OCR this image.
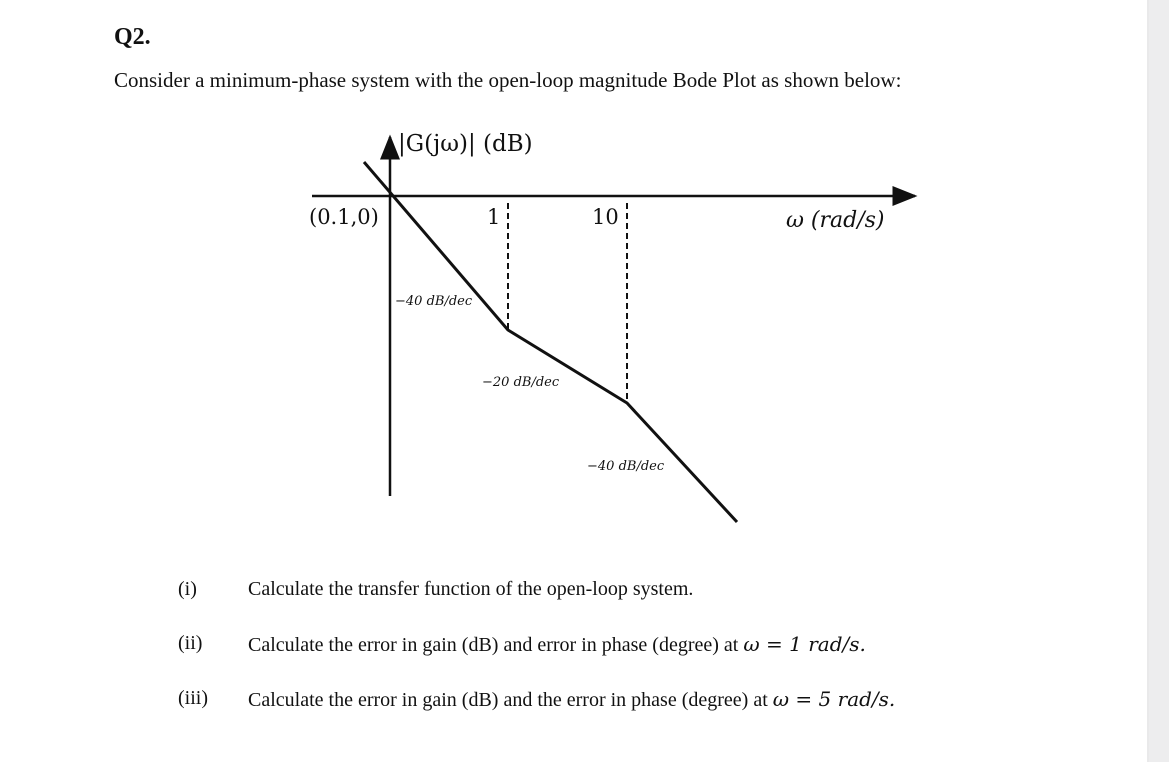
Q2.
Consider a minimum-phase system with the open-loop magnitude Bode Plot as shown below:
|G(jω)| (dB)
(0.1,0)	1	10	ω (rad/s)
−40 dB/dec
−20 dB/dec
−40 dB/dec
(i)	Calculate the transfer function of the open-loop system.
(ii) Calculate the error in gain (dB) and error in phase (degree) at ω = 1 rad/s.
(iii) Calculate the error in gain (dB) and the error in phase (degree) at ω = 5 rad/s.
